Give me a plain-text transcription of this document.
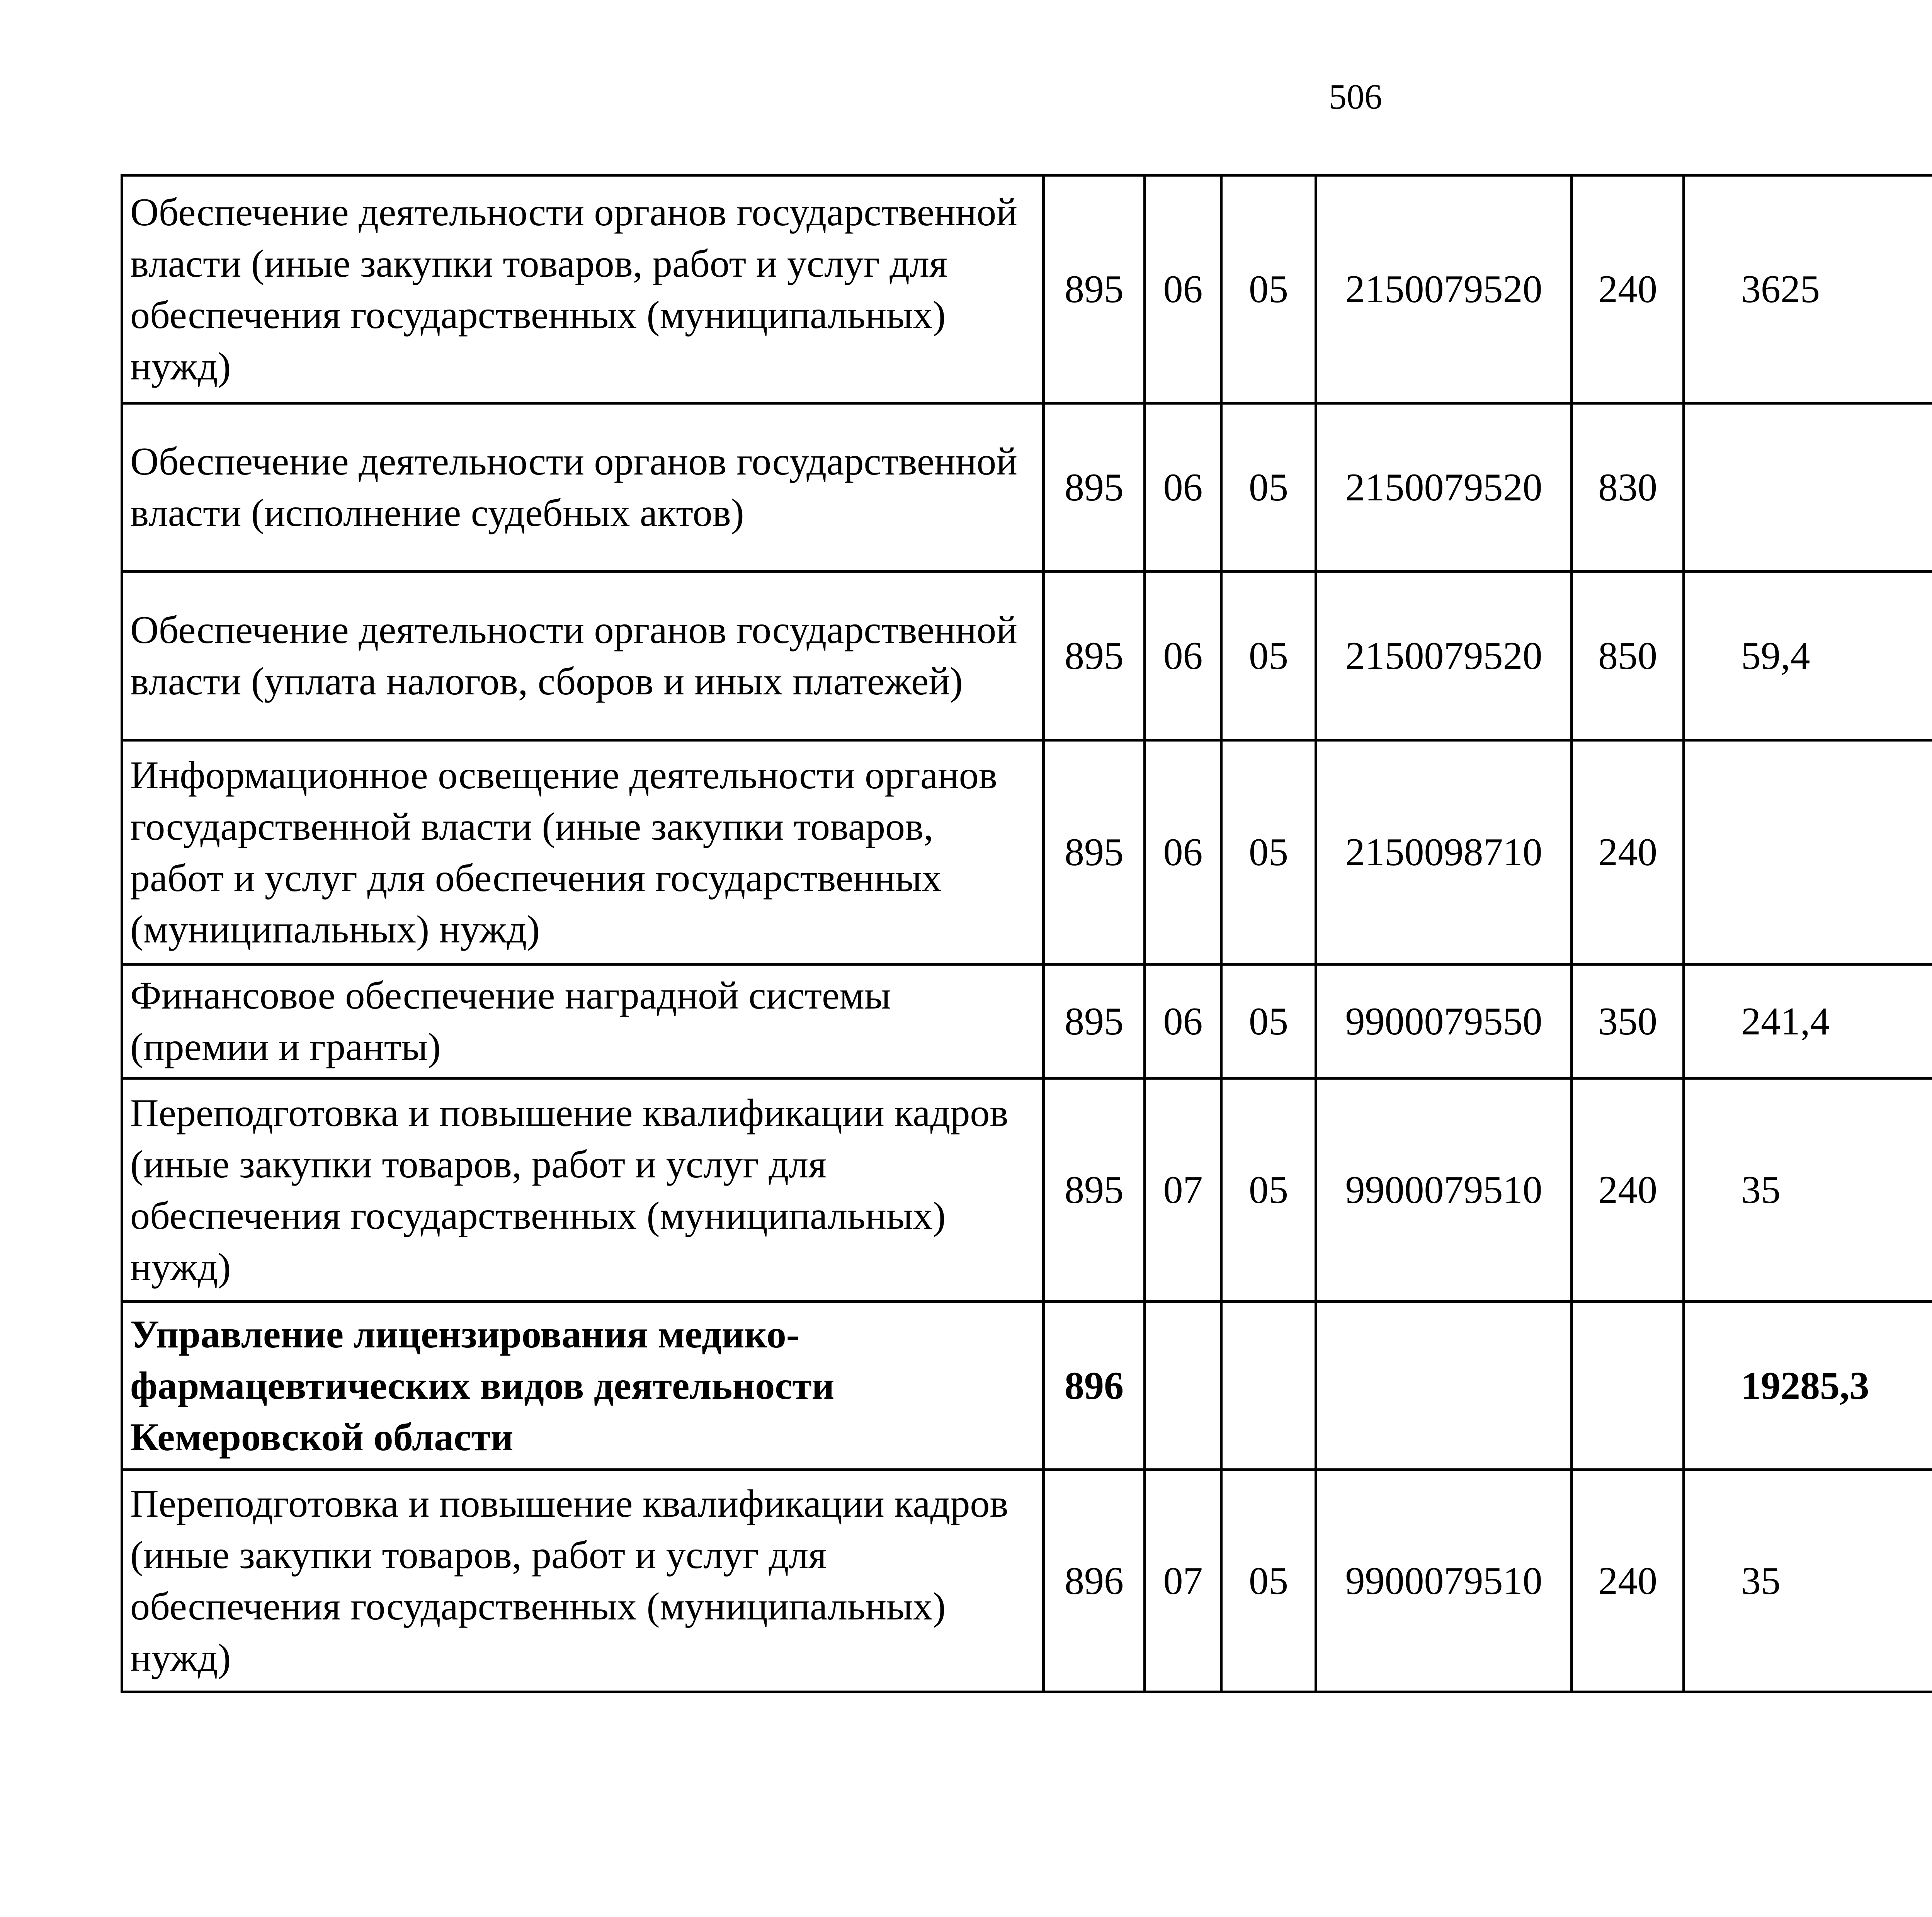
506
Обеспечение деятельности органов государственной власти (иные закупки товаров, работ и услуг для обеспечения государственных (муниципальных) нужд)	895	06	05	2150079520	240	3625		
Обеспечение деятельности органов государственной власти (исполнение судебных актов)	895	06	05	2150079520	830			
Обеспечение деятельности органов государственной власти (уплата налогов, сборов и иных платежей)	895	06	05	2150079520	850	59,4		
Информационное освещение деятельности органов государственной власти (иные закупки товаров, работ и услуг для обеспечения государственных (муниципальных) нужд)	895	06	05	2150098710	240			
Финансовое обеспечение наградной системы (премии и гранты)	895	06	05	9900079550	350	241,4		
Переподготовка и повышение квалификации кадров (иные закупки товаров, работ и услуг для обеспечения государственных (муниципальных) нужд)	895	07	05	9900079510	240	35		
Управление лицензирования медико-фармацевтических видов деятельности Кемеровской области	896					19285,3		
Переподготовка и повышение квалификации кадров (иные закупки товаров, работ и услуг для обеспечения государственных (муниципальных) нужд)	896	07	05	9900079510	240	35		
